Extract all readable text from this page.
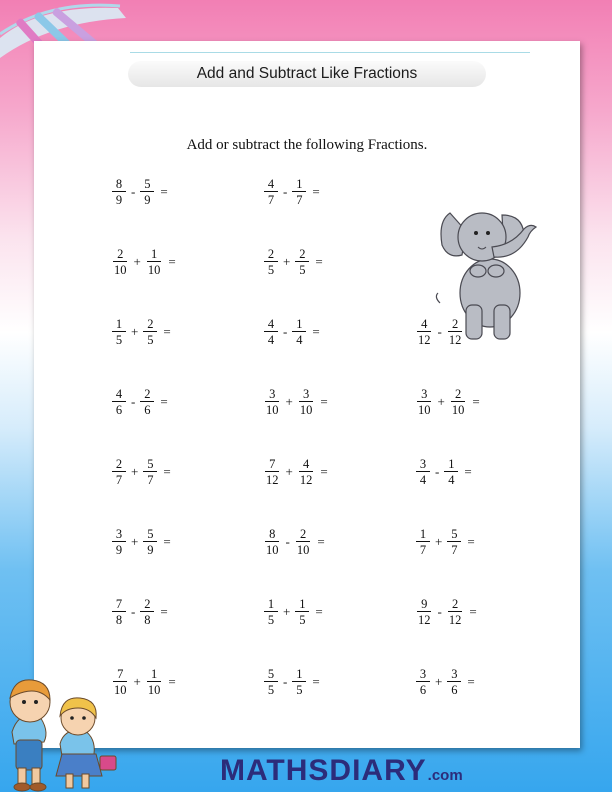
Add and Subtract Like Fractions
Add or subtract the following Fractions.
$\frac{8}{9} - \frac{5}{9}$ =	$\frac{4}{7} - \frac{1}{7}$ =
$\frac{2}{10} + \frac{1}{10}$ =	$\frac{2}{5} + \frac{2}{5}$ =
$\frac{1}{5} + \frac{2}{5}$ =	$\frac{4}{4} - \frac{1}{4}$ =	$\frac{4}{12} - \frac{2}{12}$
$\frac{4}{6} - \frac{2}{6}$ =	$\frac{3}{10} + \frac{3}{10}$ =	$\frac{3}{10} + \frac{2}{10}$ =
$\frac{2}{7} + \frac{5}{7}$ =	$\frac{7}{12} + \frac{4}{12}$ =	$\frac{3}{4} - \frac{1}{4}$ =
$\frac{3}{9} + \frac{5}{9}$ =	$\frac{8}{10} - \frac{2}{10}$ =	$\frac{1}{7} + \frac{5}{7}$ =
$\frac{7}{8} - \frac{2}{8}$ =	$\frac{1}{5} + \frac{1}{5}$ =	$\frac{9}{12} - \frac{2}{12}$ =
$\frac{7}{10} + \frac{1}{10}$ =	$\frac{5}{5} - \frac{1}{5}$ =	$\frac{3}{6} + \frac{3}{6}$ =
MATHSDIARY .com
